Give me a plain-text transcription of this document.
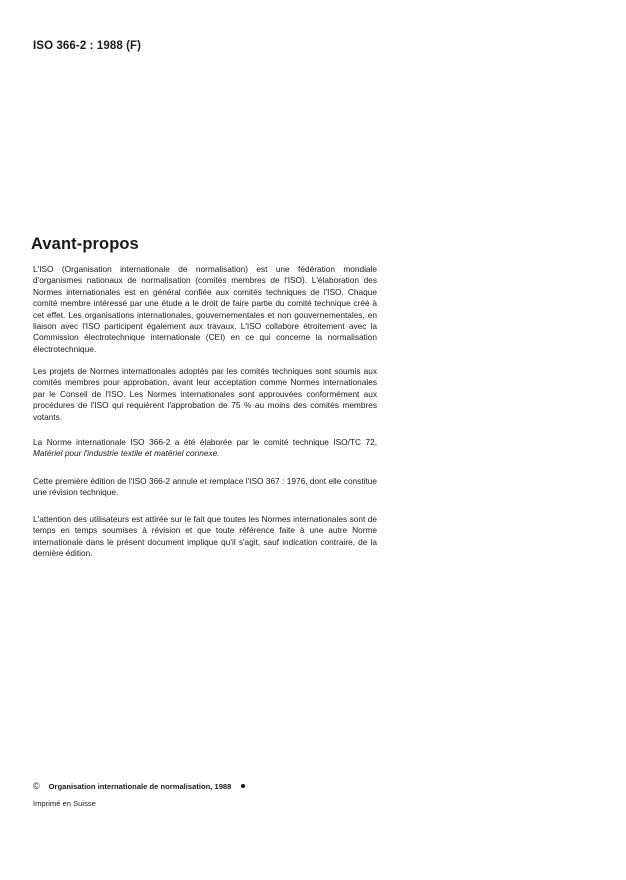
ISO 366-2 : 1988 (F)
Avant-propos

L'ISO (Organisation internationale de normalisation) est une fédération mondiale d'organismes nationaux de normalisation (comités membres de l'ISO). L'élaboration des Normes internationales est en général confiée aux comités techniques de l'ISO. Chaque comité membre intéressé par une étude a le droit de faire partie du comité technique créé à cet effet. Les organisations internationales, gouvernementales et non gouvernementales, en liaison avec l'ISO participent également aux travaux. L'ISO collabore étroitement avec la Commission électrotechnique internationale (CEI) en ce qui concerne la normalisation électrotechnique.

Les projets de Normes internationales adoptés par les comités techniques sont soumis aux comités membres pour approbation, avant leur acceptation comme Normes internationales par le Conseil de l'ISO. Les Normes internationales sont approuvées conformément aux procédures de l'ISO qui requièrent l'approbation de 75 % au moins des comités membres votants.

La Norme internationale ISO 366-2 a été élaborée par le comité technique ISO/TC 72, Matériel pour l'industrie textile et matériel connexe.

Cette première édition de l'ISO 366-2 annule et remplace l'ISO 367 : 1976, dont elle constitue une révision technique.

L'attention des utilisateurs est attirée sur le fait que toutes les Normes internationales sont de temps en temps soumises à révision et que toute référence faite à une autre Norme internationale dans le présent document implique qu'il s'agit, sauf indication contraire, de la dernière édition.

© Organisation internationale de normalisation, 1988
Imprimé en Suisse
